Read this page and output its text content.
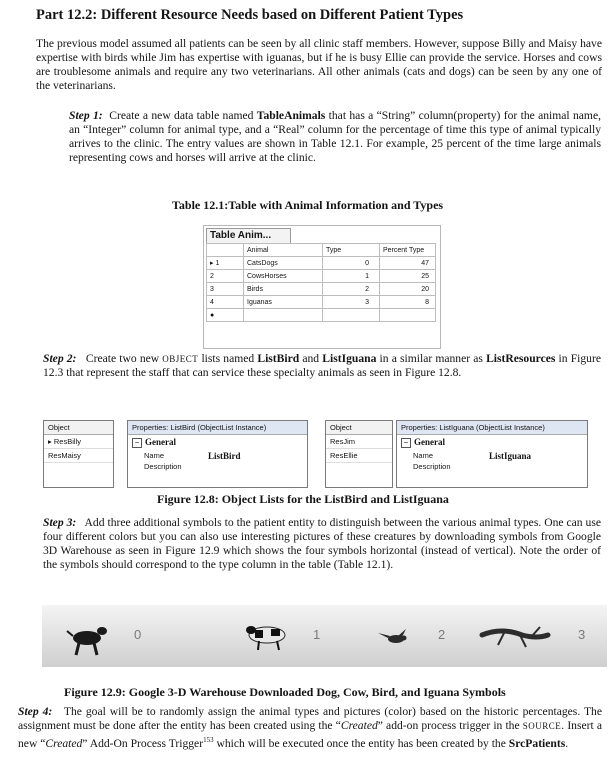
Part 12.2: Different Resource Needs based on Different Patient Types
The previous model assumed all patients can be seen by all clinic staff members. However, suppose Billy and Maisy have expertise with birds while Jim has expertise with iguanas, but if he is busy Ellie can provide the service. Horses and cows are troublesome animals and require any two veterinarians. All other animals (cats and dogs) can be seen by any one of the veterinarians.
Step 1: Create a new data table named TableAnimals that has a “String” column(property) for the animal name, an “Integer” column for animal type, and a “Real” column for the percentage of time this type of animal typically arrives to the clinic. The entry values are shown in Table 12.1. For example, 25 percent of the time large animals representing cows and horses will arrive at the clinic.
Table 12.1:Table with Animal Information and Types
Table Anim...
	Animal	Type	Percent Type
▸ 1	CatsDogs	0	47
2	CowsHorses	1	25
3	Birds	2	20
4	Iguanas	3	8
●			
Step 2: Create two new OBJECT lists named ListBird and ListIguana in a similar manner as ListResources in Figure 12.3 that represent the staff that can service these specialty animals as seen in Figure 12.8.
Object
▸ ResBilly
ResMaisy
Properties: ListBird (ObjectList Instance)
− General
Name	ListBird
Description
Object
ResJim
ResEllie
Properties: ListIguana (ObjectList Instance)
− General
Name	ListIguana
Description
Figure 12.8: Object Lists for the ListBird and ListIguana
Step 3: Add three additional symbols to the patient entity to distinguish between the various animal types. One can use four different colors but you can also use interesting pictures of these creatures by downloading symbols from Google 3D Warehouse as seen in Figure 12.9 which shows the four symbols horizontal (instead of vertical). Note the order of the symbols should correspond to the type column in the table (Table 12.1).
0	1	2	3
Figure 12.9: Google 3-D Warehouse Downloaded Dog, Cow, Bird, and Iguana Symbols
Step 4: The goal will be to randomly assign the animal types and pictures (color) based on the historic percentages. The assignment must be done after the entity has been created using the “Created” add-on process trigger in the SOURCE. Insert a new “Created” Add-On Process Trigger$^{153}$ which will be executed once the entity has been created by the SrcPatients.
